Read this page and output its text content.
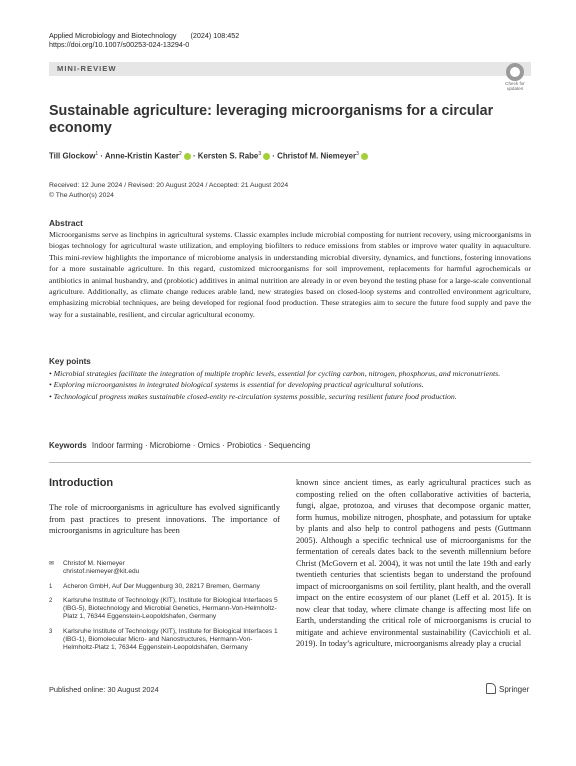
Applied Microbiology and Biotechnology (2024) 108:452
https://doi.org/10.1007/s00253-024-13294-0
MINI-REVIEW
Check for updates
Sustainable agriculture: leveraging microorganisms for a circular economy
Till Glockow$^1$ · Anne-Kristin Kaster$^2$ · Kersten S. Rabe$^3$ · Christof M. Niemeyer$^3$
Received: 12 June 2024 / Revised: 20 August 2024 / Accepted: 21 August 2024
© The Author(s) 2024
Abstract
Microorganisms serve as linchpins in agricultural systems. Classic examples include microbial composting for nutrient recovery, using microorganisms in biogas technology for agricultural waste utilization, and employing biofilters to reduce emissions from stables or improve water quality in aquaculture. This mini-review highlights the importance of microbiome analysis in understanding microbial diversity, dynamics, and functions, fostering innovations for a more sustainable agriculture. In this regard, customized microorganisms for soil improvement, replacements for harmful agrochemicals or antibiotics in animal husbandry, and (probiotic) additives in animal nutrition are already in or even beyond the testing phase for a large-scale conventional agriculture. Additionally, as climate change reduces arable land, new strategies based on closed-loop systems and controlled environment agriculture, emphasizing microbial techniques, are being developed for regional food production. These strategies aim to secure the future food supply and pave the way for a sustainable, resilient, and circular agricultural economy.
Key points

• Microbial strategies facilitate the integration of multiple trophic levels, essential for cycling carbon, nitrogen, phosphorus, and micronutrients.

• Exploring microorganisms in integrated biological systems is essential for developing practical agricultural solutions.

• Technological progress makes sustainable closed-entity re-circulation systems possible, securing resilient future food production.

Keywords Indoor farming · Microbiome · Omics · Probiotics · Sequencing
Introduction
The role of microorganisms in agriculture has evolved significantly from past practices to present innovations. The importance of microorganisms in agriculture has been
known since ancient times, as early agricultural practices such as composting relied on the often collaborative activities of bacteria, fungi, algae, protozoa, and viruses that decompose organic matter, form humus, mobilize nitrogen, phosphate, and potassium for uptake by plants and also help to control pathogens and pests (Guttmann 2005). Although a specific technical use of microorganisms for the fermentation of cereals dates back to the seventh millennium before Christ (McGovern et al. 2004), it was not until the late 19th and early twentieth centuries that scientists began to understand the profound impact of microorganisms on soil fertility, plant health, and the overall impact on the entire ecosystem of our planet (Leff et al. 2015). It is now clear that today, where climate change is affecting most life on Earth, understanding the critical role of microorganisms is crucial to mitigate and achieve environmental sustainability (Cavicchioli et al. 2019). In today’s agriculture, microorganisms already play a crucial
✉ Christof M. Niemeyer
christof.niemeyer@kit.edu
1 Acheron GmbH, Auf Der Muggenburg 30, 28217 Bremen, Germany
2 Karlsruhe Institute of Technology (KIT), Institute for Biological Interfaces 5 (IBG-5), Biotechnology and Microbial Genetics, Hermann-Von-Helmholtz-Platz 1, 76344 Eggenstein-Leopoldshafen, Germany
3 Karlsruhe Institute of Technology (KIT), Institute for Biological Interfaces 1 (IBG-1), Biomolecular Micro- and Nanostructures, Hermann-Von-Helmholtz-Platz 1, 76344 Eggenstein-Leopoldshafen, Germany
Published online: 30 August 2024	Springer
